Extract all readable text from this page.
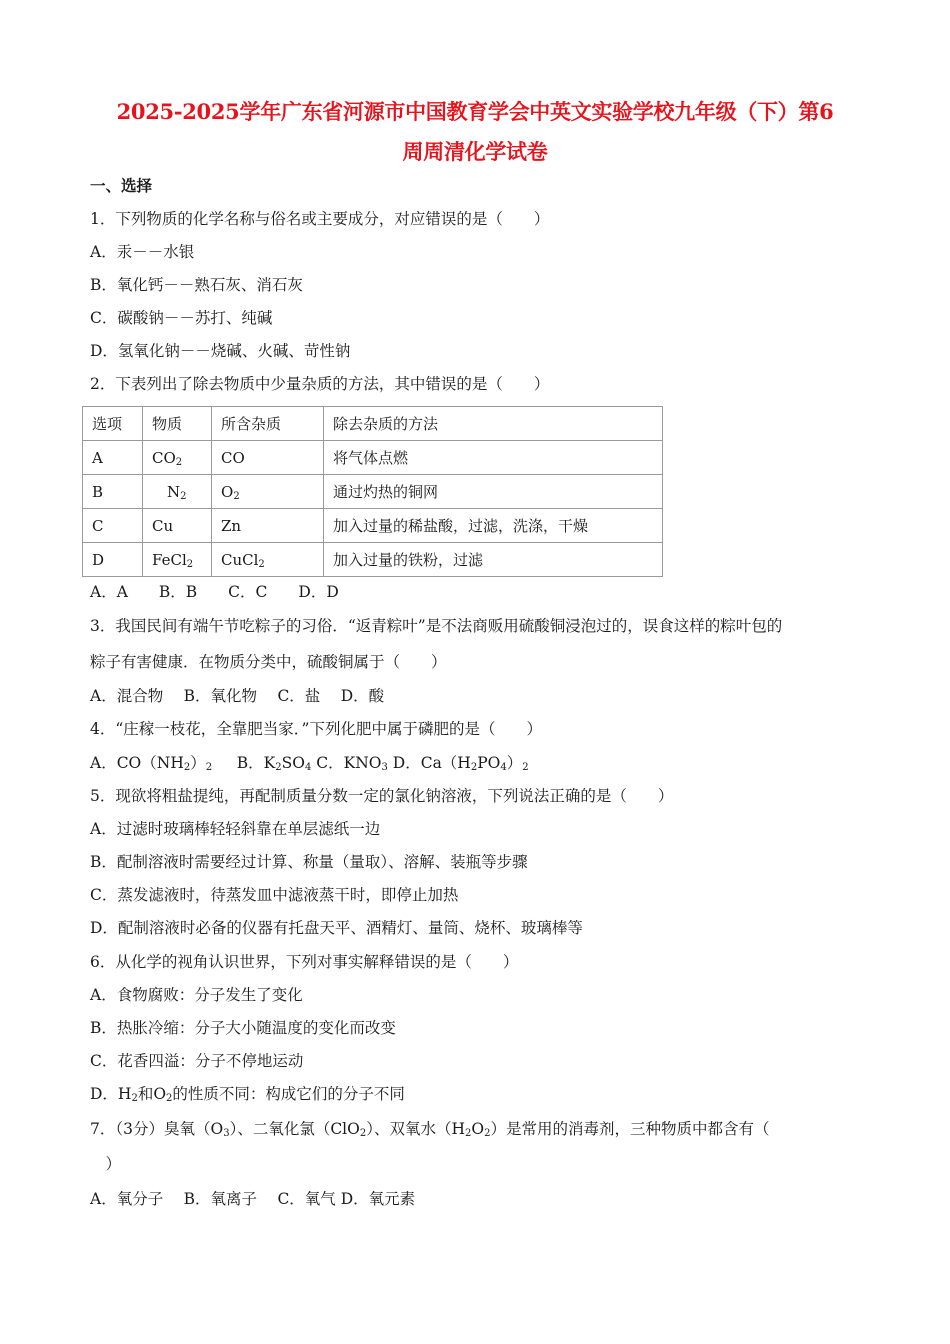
2025-2025学年广东省河源市中国教育学会中英文实验学校九年级（下）第6
周周清化学试卷
一、选择
1．下列物质的化学名称与俗名或主要成分，对应错误的是（　　）
A．汞－－水银
B．氧化钙－－熟石灰、消石灰
C．碳酸钠－－苏打、纯碱
D．氢氧化钠－－烧碱、火碱、苛性钠
2．下表列出了除去物质中少量杂质的方法，其中错误的是（　　）
选项	物质	所含杂质	除去杂质的方法
A	$CO_2$	CO	将气体点燃
B	$N_2$	$O_2$	通过灼热的铜网
C	Cu	Zn	加入过量的稀盐酸，过滤，洗涤，干燥
D	FeCl$_2$	CuCl$_2$	加入过量的铁粉，过滤
A．A　　B．B　　C．C　　D．D
3．我国民间有端午节吃粽子的习俗．“返青粽叶”是不法商贩用硫酸铜浸泡过的，误食这样的粽叶包的
粽子有害健康．在物质分类中，硫酸铜属于（　　）
A．混合物　 B．氧化物　 C．盐　 D．酸
4．“庄稼一枝花，全靠肥当家．”下列化肥中属于磷肥的是（　　）
A．$CO(NH_2)_2$ B．$K_2SO_4$ C．$KNO_3$ D．$Ca(H_2PO_4)_2$
5．现欲将粗盐提纯，再配制质量分数一定的氯化钠溶液，下列说法正确的是（　　）
A．过滤时玻璃棒轻轻斜靠在单层滤纸一边
B．配制溶液时需要经过计算、称量（量取）、溶解、装瓶等步骤
C．蒸发滤液时，待蒸发皿中滤液蒸干时，即停止加热
D．配制溶液时必备的仪器有托盘天平、酒精灯、量筒、烧杯、玻璃棒等
6．从化学的视角认识世界，下列对事实解释错误的是（　　）
A．食物腐败：分子发生了变化
B．热胀冷缩：分子大小随温度的变化而改变
C．花香四溢：分子不停地运动
D．$H_2$和$O_2$的性质不同：构成它们的分子不同
7．（3分）臭氧$(O_3)$、二氧化氯（ClO$_2$）、双氧水$(H_2O_2)$是常用的消毒剂，三种物质中都含有（
　）
A．氧分子　 B．氧离子　 C．氧气 D．氧元素
